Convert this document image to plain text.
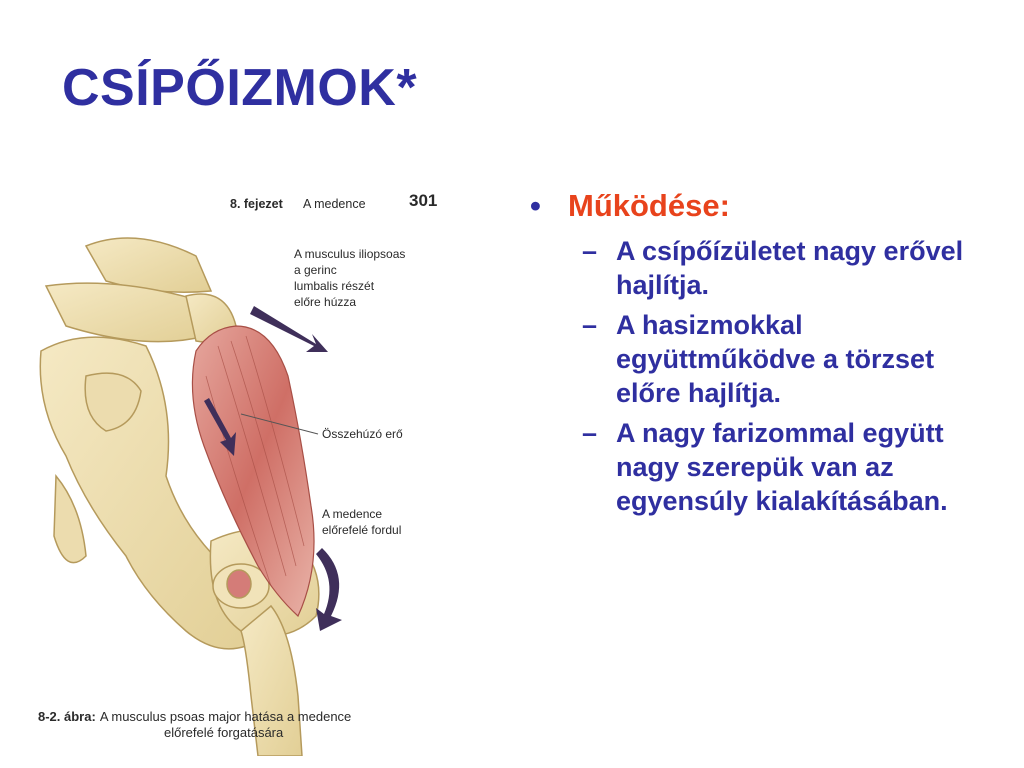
CSÍPŐIZMOK*
8. fejezet A medence	301
A musculus iliopsoas
a gerinc
lumbalis részét
előre húzza
Összehúzó erő
A medence
előrefelé fordul
8-2. ábra: A musculus psoas major hatása a medence
előrefelé forgatására
• Működése:
– A csípőízületet nagy erővel hajlítja.
– A hasizmokkal együttműködve a törzset előre hajlítja.
– A nagy farizommal együtt nagy szerepük van az egyensúly kialakításában.
